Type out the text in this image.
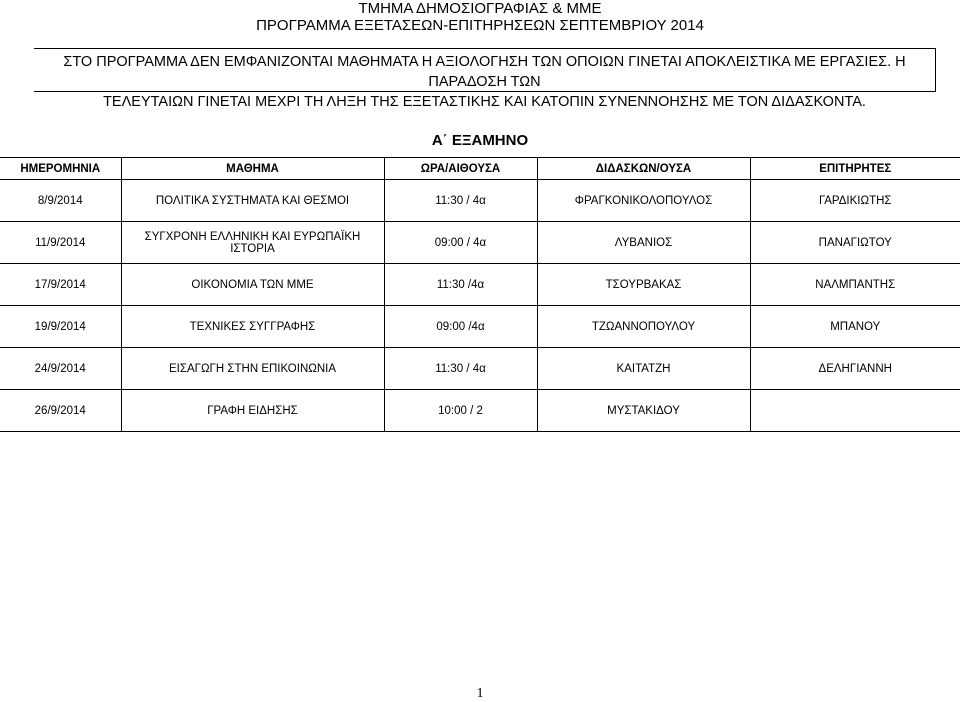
ΤΜΗΜΑ ΔΗΜΟΣΙΟΓΡΑΦΙΑΣ & ΜΜΕ
ΠΡΟΓΡΑΜΜΑ ΕΞΕΤΑΣΕΩΝ-ΕΠΙΤΗΡΗΣΕΩΝ ΣΕΠΤΕΜΒΡΙΟΥ 2014
ΣΤΟ ΠΡΟΓΡΑΜΜΑ ΔΕΝ ΕΜΦΑΝΙΖΟΝΤΑΙ ΜΑΘΗΜΑΤΑ Η ΑΞΙΟΛΟΓΗΣΗ ΤΩΝ ΟΠΟΙΩΝ ΓΙΝΕΤΑΙ ΑΠΟΚΛΕΙΣΤΙΚΑ ΜΕ ΕΡΓΑΣΙΕΣ. Η ΠΑΡΑΔΟΣΗ ΤΩΝ
ΤΕΛΕΥΤΑΙΩΝ ΓΙΝΕΤΑΙ ΜΕΧΡΙ ΤΗ ΛΗΞΗ ΤΗΣ ΕΞΕΤΑΣΤΙΚΗΣ ΚΑΙ ΚΑΤΟΠΙΝ ΣΥΝΕΝΝΟΗΣΗΣ ΜΕ ΤΟΝ ΔΙΔΑΣΚΟΝΤΑ.
Α΄ ΕΞΑΜΗΝΟ
ΗΜΕΡΟΜΗΝΙΑ	ΜΑΘΗΜΑ	ΩΡΑ/ΑΙΘΟΥΣΑ	ΔΙΔΑΣΚΩΝ/ΟΥΣΑ	ΕΠΙΤΗΡΗΤΕΣ
8/9/2014	ΠΟΛΙΤΙΚΑ ΣΥΣΤΗΜΑΤΑ ΚΑΙ ΘΕΣΜΟΙ	11:30 / 4α	ΦΡΑΓΚΟΝΙΚΟΛΟΠΟΥΛΟΣ	ΓΑΡΔΙΚΙΩΤΗΣ
11/9/2014	ΣΥΓΧΡΟΝΗ ΕΛΛΗΝΙΚΗ ΚΑΙ ΕΥΡΩΠΑΪΚΗ ΙΣΤΟΡΙΑ	09:00 / 4α	ΛΥΒΑΝΙΟΣ	ΠΑΝΑΓΙΩΤΟΥ
17/9/2014	ΟΙΚΟΝΟΜΙΑ ΤΩΝ ΜΜΕ	11:30 /4α	ΤΣΟΥΡΒΑΚΑΣ	ΝΑΛΜΠΑΝΤΗΣ
19/9/2014	ΤΕΧΝΙΚΕΣ ΣΥΓΓΡΑΦΗΣ	09:00 /4α	ΤΖΩΑΝΝΟΠΟΥΛΟΥ	ΜΠΑΝΟΥ
24/9/2014	ΕΙΣΑΓΩΓΗ ΣΤΗΝ ΕΠΙΚΟΙΝΩΝΙΑ	11:30 / 4α	ΚΑΙΤΑΤΖΗ	ΔΕΛΗΓΙΑΝΝΗ
26/9/2014	ΓΡΑΦΗ ΕΙΔΗΣΗΣ	10:00 / 2	ΜΥΣΤΑΚΙΔΟΥ	
1
